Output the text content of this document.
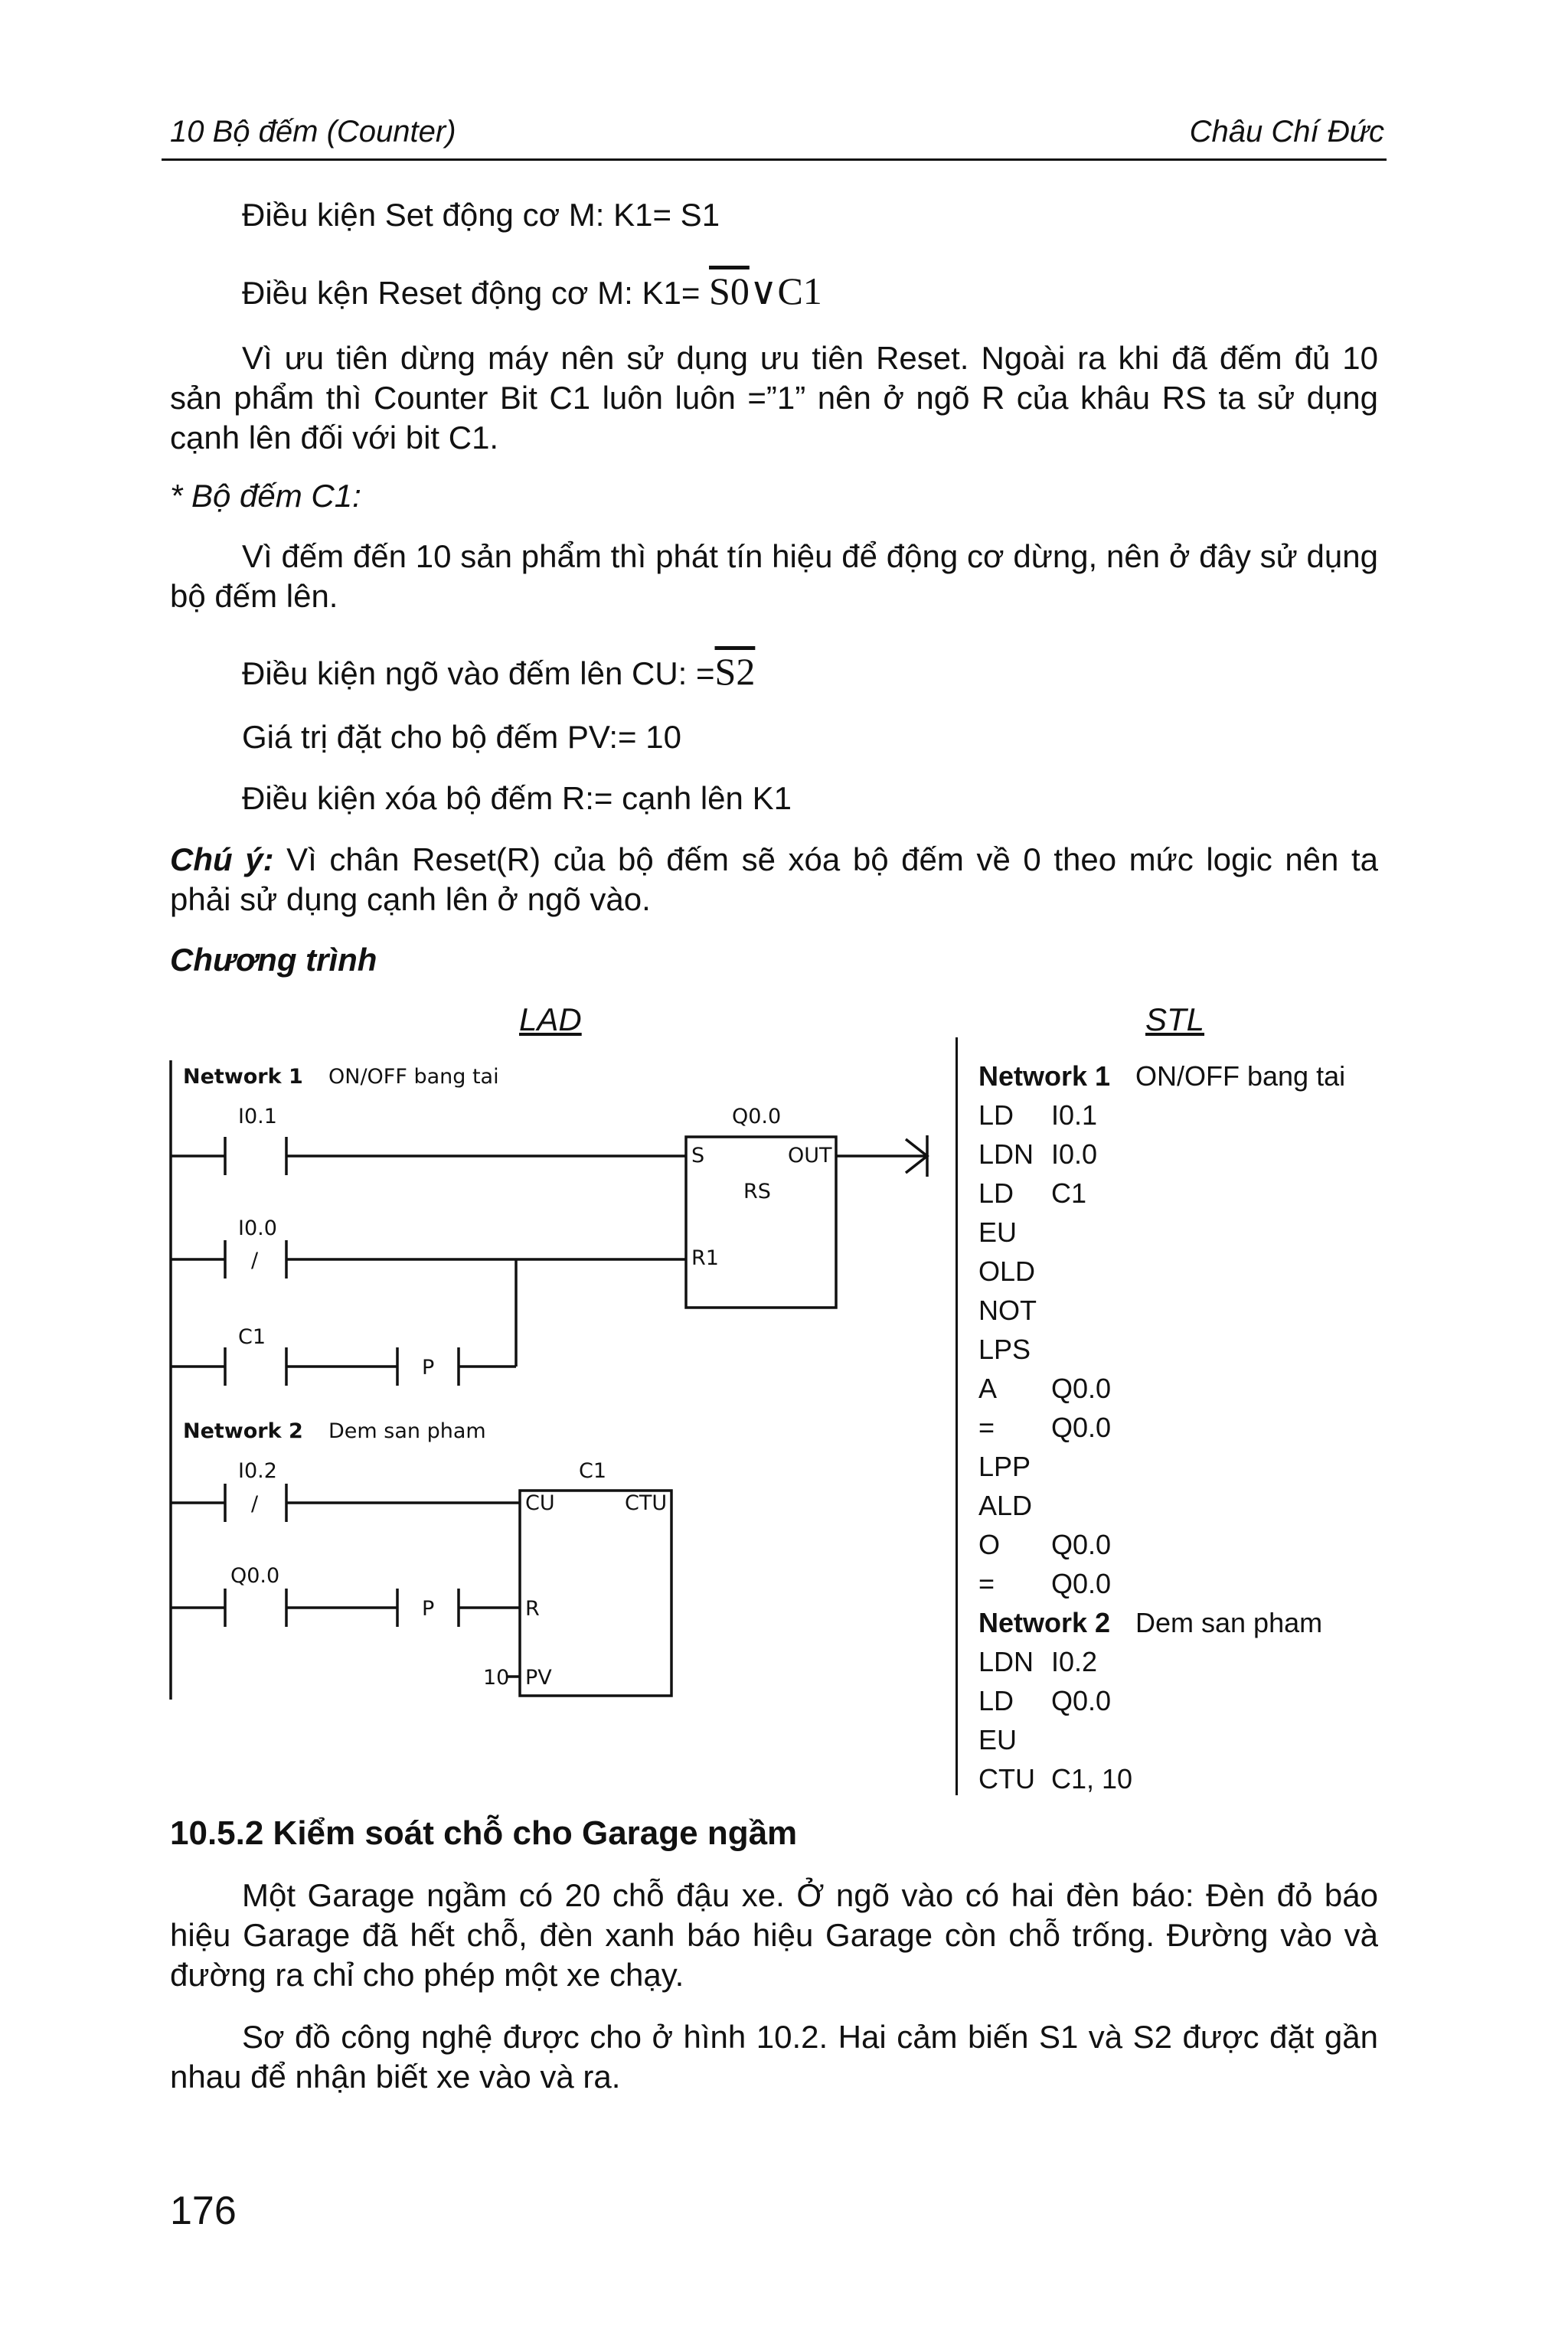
10 Bộ đếm (Counter)	Châu Chí Đức
Điều kiện Set động cơ M: K1= S1
Điều kện Reset động cơ M: K1= S0∨C1
Vì ưu tiên dừng máy nên sử dụng ưu tiên Reset. Ngoài ra khi đã đếm đủ 10 sản phẩm thì Counter Bit C1 luôn luôn =”1” nên ở ngõ R của khâu RS ta sử dụng cạnh lên đối với bit C1.
* Bộ đếm C1:
Vì đếm đến 10 sản phẩm thì phát tín hiệu để động cơ dừng, nên ở đây sử dụng bộ đếm lên.
Điều kiện ngõ vào đếm lên CU: =S2
Giá trị đặt cho bộ đếm PV:= 10
Điều kiện xóa bộ đếm R:= cạnh lên K1
Chú ý: Vì chân Reset(R) của bộ đếm sẽ xóa bộ đếm về 0 theo mức logic nên ta phải sử dụng cạnh lên ở ngõ vào.
Chương trình
LAD	STL
Network 1 ON/OFF bang tai
I0.1	Q0.0
S	OUT
RS
R1
I0.0
/
C1
P
Network 2 Dem san pham
I0.2
/
C1
CU	CTU
R
PV
10
Q0.0
P
Network 1 ON/OFF bang tai
LD I0.1
LDN I0.0
LD C1
EU
OLD
NOT
LPS
A Q0.0
= Q0.0
LPP
ALD
O Q0.0
= Q0.0
Network 2 Dem san pham
LDN I0.2
LD Q0.0
EU
CTU C1, 10
10.5.2 Kiểm soát chỗ cho Garage ngầm
Một Garage ngầm có 20 chỗ đậu xe. Ở ngõ vào có hai đèn báo: Đèn đỏ báo hiệu Garage đã hết chỗ, đèn xanh báo hiệu Garage còn chỗ trống. Đường vào và đường ra chỉ cho phép một xe chạy.
Sơ đồ công nghệ được cho ở hình 10.2. Hai cảm biến S1 và S2 được đặt gần nhau để nhận biết xe vào và ra.
176
